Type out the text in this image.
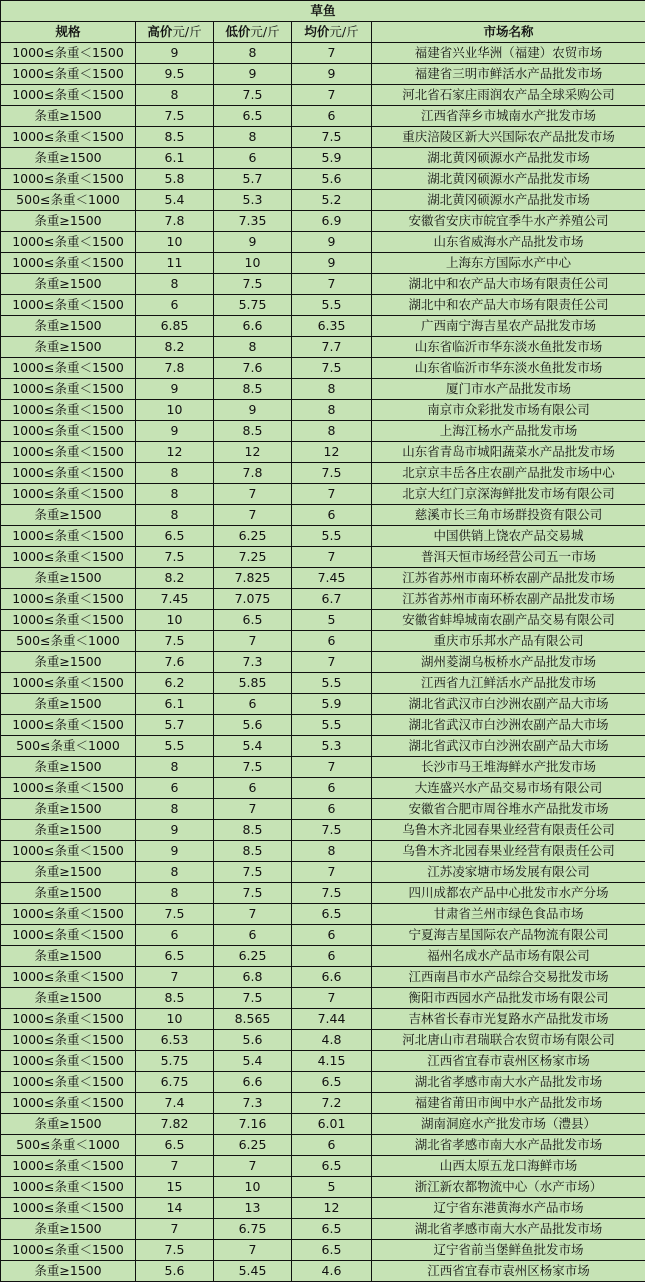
草鱼				
规格	高价元/斤	低价元/斤	均价元/斤	市场名称
1000≤条重＜1500	9	8	7	福建省兴业华洲（福建）农贸市场
1000≤条重＜1500	9.5	9	9	福建省三明市鲜活水产品批发市场
1000≤条重＜1500	8	7.5	7	河北省石家庄雨润农产品全球采购公司
条重≥1500	7.5	6.5	6	江西省萍乡市城南水产批发市场
1000≤条重＜1500	8.5	8	7.5	重庆涪陵区新大兴国际农产品批发市场
条重≥1500	6.1	6	5.9	湖北黄冈硕源水产品批发市场
1000≤条重＜1500	5.8	5.7	5.6	湖北黄冈硕源水产品批发市场
500≤条重＜1000	5.4	5.3	5.2	湖北黄冈硕源水产品批发市场
条重≥1500	7.8	7.35	6.9	安徽省安庆市皖宜季牛水产养殖公司
1000≤条重＜1500	10	9	9	山东省威海水产品批发市场
1000≤条重＜1500	11	10	9	上海东方国际水产中心
条重≥1500	8	7.5	7	湖北中和农产品大市场有限责任公司
1000≤条重＜1500	6	5.75	5.5	湖北中和农产品大市场有限责任公司
条重≥1500	6.85	6.6	6.35	广西南宁海吉星农产品批发市场
条重≥1500	8.2	8	7.7	山东省临沂市华东淡水鱼批发市场
1000≤条重＜1500	7.8	7.6	7.5	山东省临沂市华东淡水鱼批发市场
1000≤条重＜1500	9	8.5	8	厦门市水产品批发市场
1000≤条重＜1500	10	9	8	南京市众彩批发市场有限公司
1000≤条重＜1500	9	8.5	8	上海江杨水产品批发市场
1000≤条重＜1500	12	12	12	山东省青岛市城阳蔬菜水产品批发市场
1000≤条重＜1500	8	7.8	7.5	北京京丰岳各庄农副产品批发市场中心
1000≤条重＜1500	8	7	7	北京大红门京深海鲜批发市场有限公司
条重≥1500	8	7	6	慈溪市长三角市场群投资有限公司
1000≤条重＜1500	6.5	6.25	5.5	中国供销上饶农产品交易城
1000≤条重＜1500	7.5	7.25	7	普洱天恒市场经营公司五一市场
条重≥1500	8.2	7.825	7.45	江苏省苏州市南环桥农副产品批发市场
1000≤条重＜1500	7.45	7.075	6.7	江苏省苏州市南环桥农副产品批发市场
1000≤条重＜1500	10	6.5	5	安徽省蚌埠城南农副产品交易有限公司
500≤条重＜1000	7.5	7	6	重庆市乐邦水产品有限公司
条重≥1500	7.6	7.3	7	湖州菱湖乌板桥水产品批发市场
1000≤条重＜1500	6.2	5.85	5.5	江西省九江鲜活水产品批发市场
条重≥1500	6.1	6	5.9	湖北省武汉市白沙洲农副产品大市场
1000≤条重＜1500	5.7	5.6	5.5	湖北省武汉市白沙洲农副产品大市场
500≤条重＜1000	5.5	5.4	5.3	湖北省武汉市白沙洲农副产品大市场
条重≥1500	8	7.5	7	长沙市马王堆海鲜水产批发市场
1000≤条重＜1500	6	6	6	大连盛兴水产品交易市场有限公司
条重≥1500	8	7	6	安徽省合肥市周谷堆水产品批发市场
条重≥1500	9	8.5	7.5	乌鲁木齐北园春果业经营有限责任公司
1000≤条重＜1500	9	8.5	8	乌鲁木齐北园春果业经营有限责任公司
条重≥1500	8	7.5	7	江苏凌家塘市场发展有限公司
条重≥1500	8	7.5	7.5	四川成都农产品中心批发市水产分场
1000≤条重＜1500	7.5	7	6.5	甘肃省兰州市绿色食品市场
1000≤条重＜1500	6	6	6	宁夏海吉星国际农产品物流有限公司
条重≥1500	6.5	6.25	6	福州名成水产品市场有限公司
1000≤条重＜1500	7	6.8	6.6	江西南昌市水产品综合交易批发市场
条重≥1500	8.5	7.5	7	衡阳市西园水产品批发市场有限公司
1000≤条重＜1500	10	8.565	7.44	吉林省长春市光复路水产品批发市场
1000≤条重＜1500	6.53	5.6	4.8	河北唐山市君瑞联合农贸市场有限公司
1000≤条重＜1500	5.75	5.4	4.15	江西省宜春市袁州区杨家市场
1000≤条重＜1500	6.75	6.6	6.5	湖北省孝感市南大水产品批发市场
1000≤条重＜1500	7.4	7.3	7.2	福建省莆田市闽中水产品批发市场
条重≥1500	7.82	7.16	6.01	湖南洞庭水产批发市场（澧县）
500≤条重＜1000	6.5	6.25	6	湖北省孝感市南大水产品批发市场
1000≤条重＜1500	7	7	6.5	山西太原五龙口海鲜市场
1000≤条重＜1500	15	10	5	浙江新农都物流中心（水产市场）
1000≤条重＜1500	14	13	12	辽宁省东港黄海水产品市场
条重≥1500	7	6.75	6.5	湖北省孝感市南大水产品批发市场
1000≤条重＜1500	7.5	7	6.5	辽宁省前当堡鲜鱼批发市场
条重≥1500	5.6	5.45	4.6	江西省宜春市袁州区杨家市场
